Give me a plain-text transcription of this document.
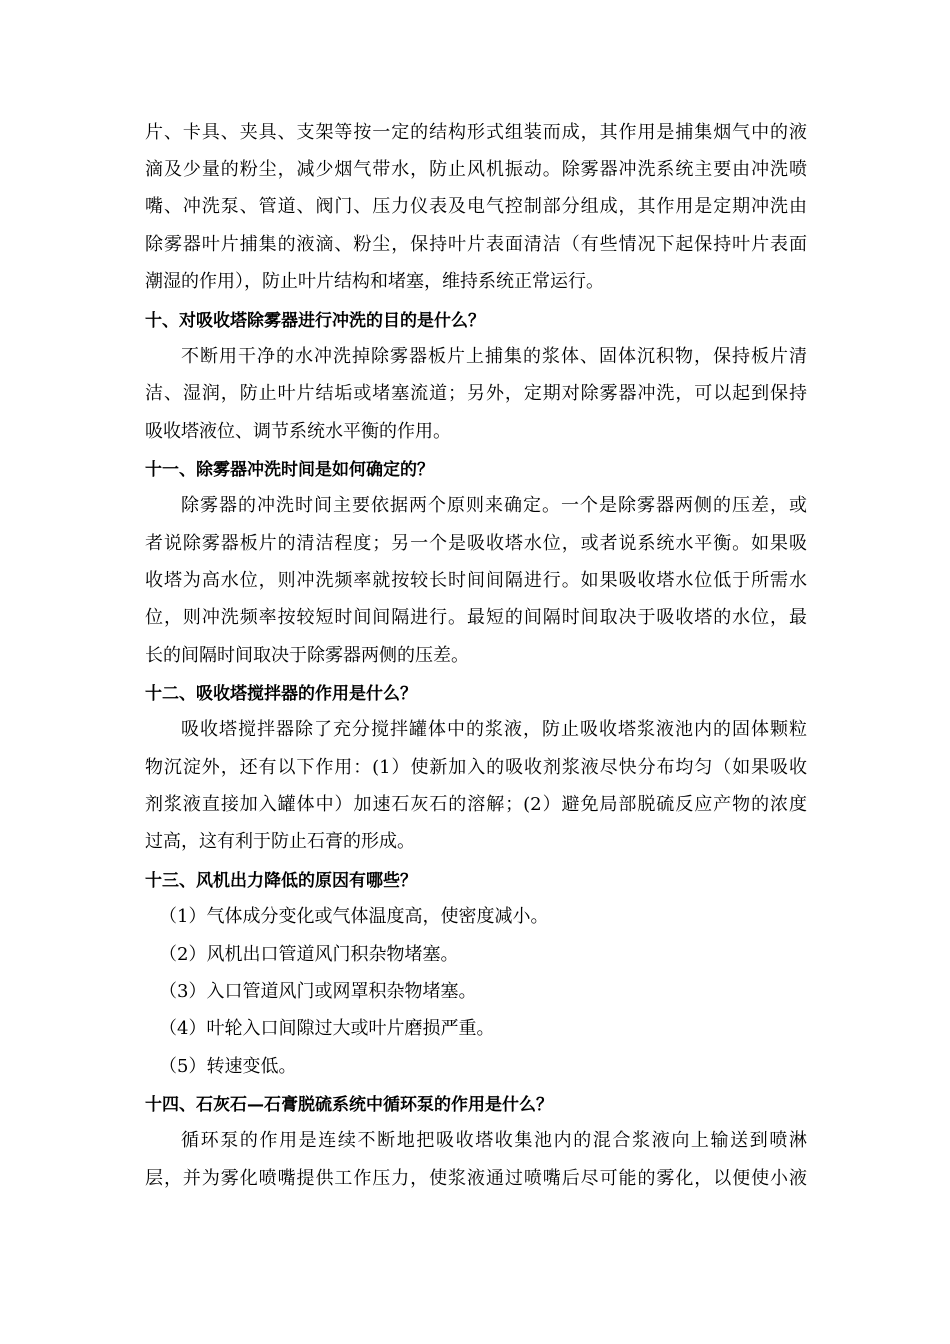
片、卡具、夹具、支架等按一定的结构形式组装而成，其作用是捕集烟气中的液
滴及少量的粉尘，减少烟气带水，防止风机振动。除雾器冲洗系统主要由冲洗喷
嘴、冲洗泵、管道、阀门、压力仪表及电气控制部分组成，其作用是定期冲洗由
除雾器叶片捕集的液滴、粉尘，保持叶片表面清洁（有些情况下起保持叶片表面
潮湿的作用），防止叶片结构和堵塞，维持系统正常运行。
十、对吸收塔除雾器进行冲洗的目的是什么？
不断用干净的水冲洗掉除雾器板片上捕集的浆体、固体沉积物，保持板片清
洁、湿润，防止叶片结垢或堵塞流道；另外，定期对除雾器冲洗，可以起到保持
吸收塔液位、调节系统水平衡的作用。
十一、除雾器冲洗时间是如何确定的？
除雾器的冲洗时间主要依据两个原则来确定。一个是除雾器两侧的压差，或
者说除雾器板片的清洁程度；另一个是吸收塔水位，或者说系统水平衡。如果吸
收塔为高水位，则冲洗频率就按较长时间间隔进行。如果吸收塔水位低于所需水
位，则冲洗频率按较短时间间隔进行。最短的间隔时间取决于吸收塔的水位，最
长的间隔时间取决于除雾器两侧的压差。
十二、吸收塔搅拌器的作用是什么？
吸收塔搅拌器除了充分搅拌罐体中的浆液，防止吸收塔浆液池内的固体颗粒
物沉淀外，还有以下作用：(1）使新加入的吸收剂浆液尽快分布均匀（如果吸收
剂浆液直接加入罐体中）加速石灰石的溶解；(2）避免局部脱硫反应产物的浓度
过高，这有利于防止石膏的形成。
十三、风机出力降低的原因有哪些？
（1）气体成分变化或气体温度高，使密度减小。
（2）风机出口管道风门积杂物堵塞。
（3）入口管道风门或网罩积杂物堵塞。
（4）叶轮入口间隙过大或叶片磨损严重。
（5）转速变低。
十四、石灰石—石膏脱硫系统中循环泵的作用是什么？
循环泵的作用是连续不断地把吸收塔收集池内的混合浆液向上输送到喷淋
层，并为雾化喷嘴提供工作压力，使浆液通过喷嘴后尽可能的雾化，以便使小液
